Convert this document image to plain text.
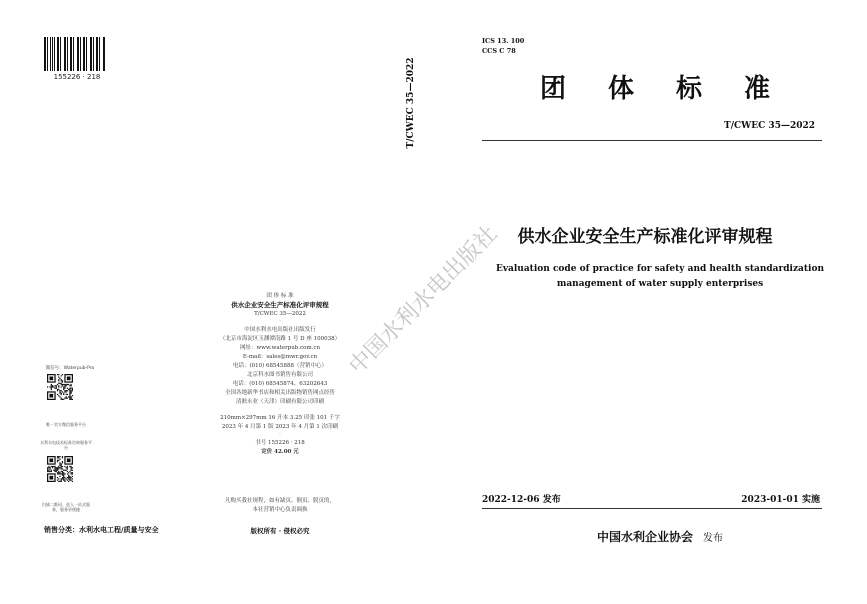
155226 · 218
微信号：Waterpub-Pro
唯一官方微信服务平台
水利水电技术标准咨询服务平台
扫描二维码，进入一站式服务，服务更便捷
销售分类：水利水电工程/质量与安全
团 体 标 准
供水企业安全生产标准化评审规程
T/CWEC 35—2022
·
中国水利水电出版社出版发行
（北京市海淀区玉渊潭南路 1 号 D 座 100038）
网址：www.waterpub.com.cn
E-mail：sales@mwr.gov.cn
电话：(010) 68545888（营销中心）
北京科水图书销售有限公司
电话：(010) 68545874、63202643
全国各地新华书店和相关出版物销售网点经售
清淞永业（天津）印刷有限公司印刷
·
210mm×297mm 16 开本 3.25 印张 101 千字
2023 年 4 月第 1 版 2023 年 4 月第 1 次印刷
·
书号 155226 · 218
定价 42.00 元
凡购买我社规程，如有缺页、倒页、脱页的，
本社营销中心负责调换
版权所有 · 侵权必究
T/CWEC 35—2022
ICS 13. 100
CCS C 78
团 体 标 准
T/CWEC 35—2022
供水企业安全生产标准化评审规程
Evaluation code of practice for safety and health standardization
management of water supply enterprises
2022-12-06 发布	2023-01-01 实施
中国水利企业协会 发布
中国水利水电出版社
